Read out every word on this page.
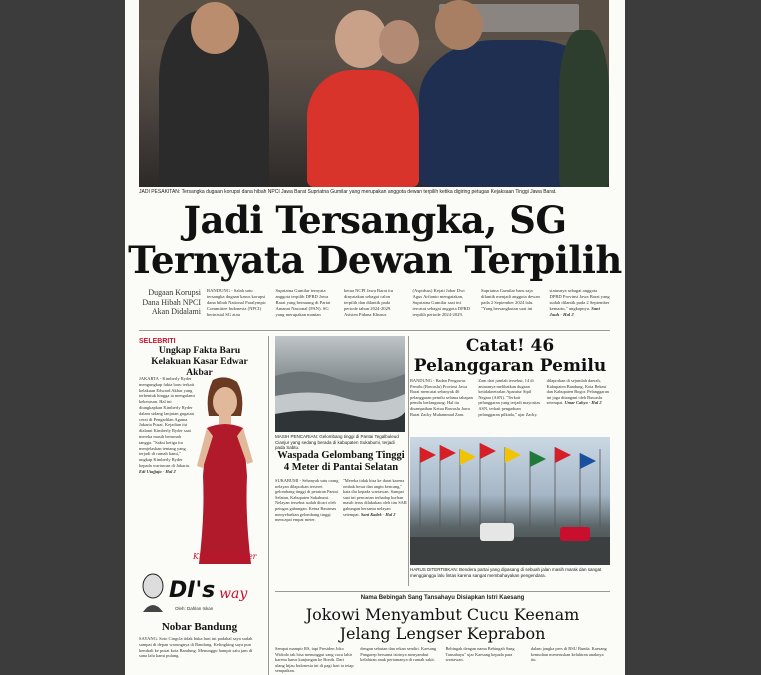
JADI PESAKITAN: Tersangka dugaan korupsi dana hibah NPCI Jawa Barat Supriatna Gumilar yang merupakan anggota dewan terpilih ketika digiring petugas Kejaksaan Tinggi Jawa Barat.
Jadi Tersangka, SG
Ternyata Dewan Terpilih
Dugaan Korupsi Dana Hibah NPCI Akan Didalami

BANDUNG - Salah satu tersangka dugaan kasus korupsi dana hibah National Paralympic Committee Indonesia (NPCI) berinisial SG atau

Supriatna Gumilar ternyata anggota terpilih DPRD Jawa Barat yang bernaung di Partai Amanat Nasional (PAN). SG yang merupakan mantan

ketua NCPI Jawa Barat itu dinyatakan sebagai calon terpilih dan dilantik pada periode tahun 2024-2029. Asisten Pidana Khusus

(Aspidsus) Kejati Jabar Dwi Agus Arfianto mengatakan, Supriatna Gumilar saat ini tercatat sebagai anggota DPRD terpilih periode 2024-2029.

Supriatna Gumilar baru saja dilantik menjadi anggota dewan pada 2 September 2024 lalu. "Yang bersangkutan saat ini

statusnya sebagai anggota DPRD Provinsi Jawa Barat yang sudah dilantik pada 2 September kemarin," ungkapnya. Sani Jauh - Hal 2

SELEBRITI
Ungkap Fakta Baru Kelakuan Kasar Edwar Akbar
JAKARTA - Kimberly Ryder mengungkap fakta baru terkait kelakuan Edward Akbar yang terbentuk hingga ia mengalami kekerasan. Hal ini diungkapkan Kimberly Ryder dalam sidang lanjutan gugatan cerai di Pengadilan Agama Jakarta Pusat. Kejadian itu dialami Kimberly Ryder saat mereka masih berumah tangga. "Saksi ketiga itu menjelaskan tentang yang terjadi di rumah kami," ungkap Kimberly Ryder kepada wartawan di Jakarta. Edi Utajjaja - Hal 2
Kimberly Ryder
DI's way
Oleh: Dahlan Iskan
Nobar Bandung
SAYANG. Soto Cingcla tidak buka hari ini padahal saya sudah sampai di depan warungnya di Bandung. Kelingking saya pun kembali ke pusat kota Bandung. Menunggu hampir satu jam di sana lalu kami pulang.
MASIH PENCARIAN: Gelombang tinggi di Pantai Tegalbuleud Cianjur yang sedang berada di kabupaten Sukabumi, terjadi pada Sabtu.
Waspada Gelombang Tinggi 4 Meter di Pantai Selatan

SUKABUMI - Sebanyak satu orang nelayan dilaporkan terseret gelombang tinggi di perairan Pantai Selatan, Kabupaten Sukabumi. Nelayan tersebut sudah dicari oleh petugas gabungan. Ketua Basarnas menyebutkan gelombang tinggi mencapai empat meter.

"Mereka tidak bisa ke darat karena ombak besar dan angin kencang," kata dia kepada wartawan. Sampai saat ini pencarian terhadap korban masih terus dilakukan oleh tim SAR gabungan bersama nelayan setempat. Sani Kadek - Hal 2

Catat! 46 Pelanggaran Pemilu

BANDUNG - Badan Pengawas Pemilu (Bawaslu) Provinsi Jawa Barat mencatat sebanyak 46 pelanggaran pemilu selama tahapan pemilu berlangsung. Hal itu disampaikan Ketua Bawaslu Jawa Barat Zacky Muhammad Zam.

Zam dari jumlah tersebut, 14 di antaranya melibatkan dugaan ketidaknetralan Aparatur Sipil Negara (ASN). "Terkait pelanggaran yang terjadi mayoritas ASN, terkait pengaduan pelanggaran pilkada," ujar Zacky.

dilaporkan di sejumlah daerah, Kabupaten Bandung, Kota Bekasi dan Kabupaten Bogor. Pelanggaran ini juga ditangani oleh Bawaslu setempat. Umar Cahyo - Hal 2

HARUS DITERTIBKAN: Bendera partai yang dipasang di sebuah jalan masih marak dan sangat mengganggu lalu lintas karena sangat membahayakan pengendara.
Nama Bebingah Sang Tansahayu Disiapkan Istri Kaesang
Jokowi Menyambut Cucu Keenam
Jelang Lengser Keprabon

Sempat mampir RS, tapi Presiden Joko Widodo tak bisa menunggui sang cucu lahir karena harus kunjungan ke Bonth. Dari ulang hijau Indonesia ini di pagi hari ia tetap sempatkan.

dengan sebutan dan rekan sendiri. Kaesang Pangarep bersama istrinya menyambut kelahiran anak pertamanya di rumah sakit.

Bebingah dengan nama Bebingah Sang Tansahayu" ujar Kaesang kepada para wartawan.

dalam jangka pers di RSU Bunda. Kaesang kemudian meneruskan kelahiran anaknya itu.
